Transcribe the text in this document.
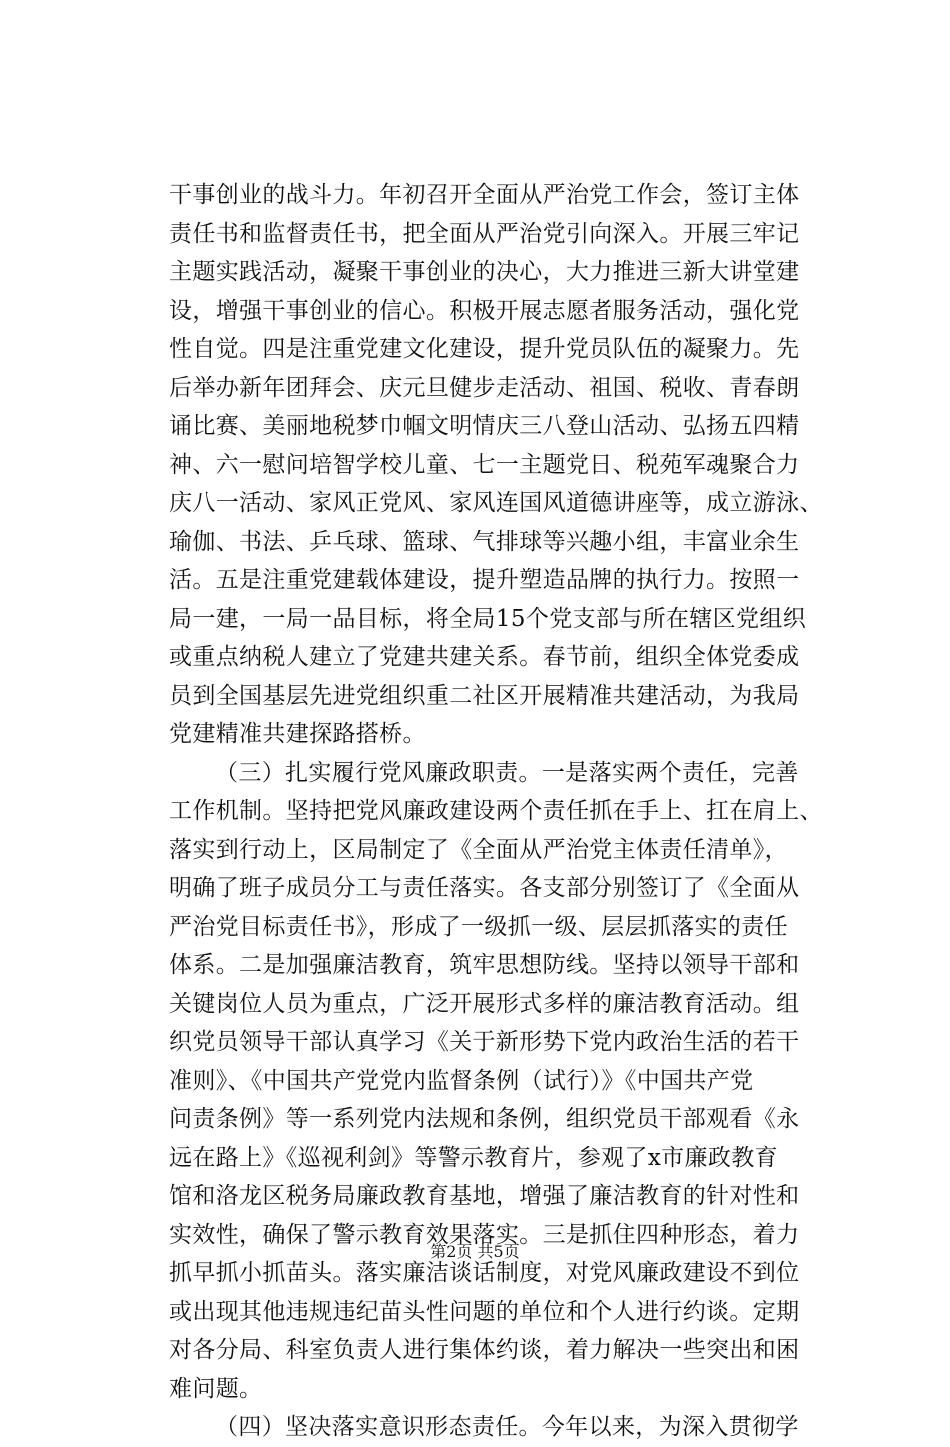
干事创业的战斗力。年初召开全面从严治党工作会，签订主体
责任书和监督责任书，把全面从严治党引向深入。开展三牢记
主题实践活动，凝聚干事创业的决心，大力推进三新大讲堂建
设，增强干事创业的信心。积极开展志愿者服务活动，强化党
性自觉。四是注重党建文化建设，提升党员队伍的凝聚力。先
后举办新年团拜会、庆元旦健步走活动、祖国、税收、青春朗
诵比赛、美丽地税梦巾帼文明情庆三八登山活动、弘扬五四精
神、六一慰问培智学校儿童、七一主题党日、税苑军魂聚合力
庆八一活动、家风正党风、家风连国风道德讲座等，成立游泳、
瑜伽、书法、乒乓球、篮球、气排球等兴趣小组，丰富业余生
活。五是注重党建载体建设，提升塑造品牌的执行力。按照一
局一建，一局一品目标，将全局15个党支部与所在辖区党组织
或重点纳税人建立了党建共建关系。春节前，组织全体党委成
员到全国基层先进党组织重二社区开展精准共建活动，为我局
党建精准共建探路搭桥。
（三）扎实履行党风廉政职责。一是落实两个责任，完善
工作机制。坚持把党风廉政建设两个责任抓在手上、扛在肩上、
落实到行动上，区局制定了《全面从严治党主体责任清单》，
明确了班子成员分工与责任落实。各支部分别签订了《全面从
严治党目标责任书》，形成了一级抓一级、层层抓落实的责任
体系。二是加强廉洁教育，筑牢思想防线。坚持以领导干部和
关键岗位人员为重点，广泛开展形式多样的廉洁教育活动。组
织党员领导干部认真学习《关于新形势下党内政治生活的若干
准则》、《中国共产党党内监督条例（试行）》《中国共产党
问责条例》等一系列党内法规和条例，组织党员干部观看《永
远在路上》《巡视利剑》等警示教育片，参观了x市廉政教育
馆和洛龙区税务局廉政教育基地，增强了廉洁教育的针对性和
实效性，确保了警示教育效果落实。三是抓住四种形态，着力
抓早抓小抓苗头。落实廉洁谈话制度，对党风廉政建设不到位
或出现其他违规违纪苗头性问题的单位和个人进行约谈。定期
对各分局、科室负责人进行集体约谈，着力解决一些突出和困
难问题。
（四）坚决落实意识形态责任。今年以来，为深入贯彻学
第2页 共5页
